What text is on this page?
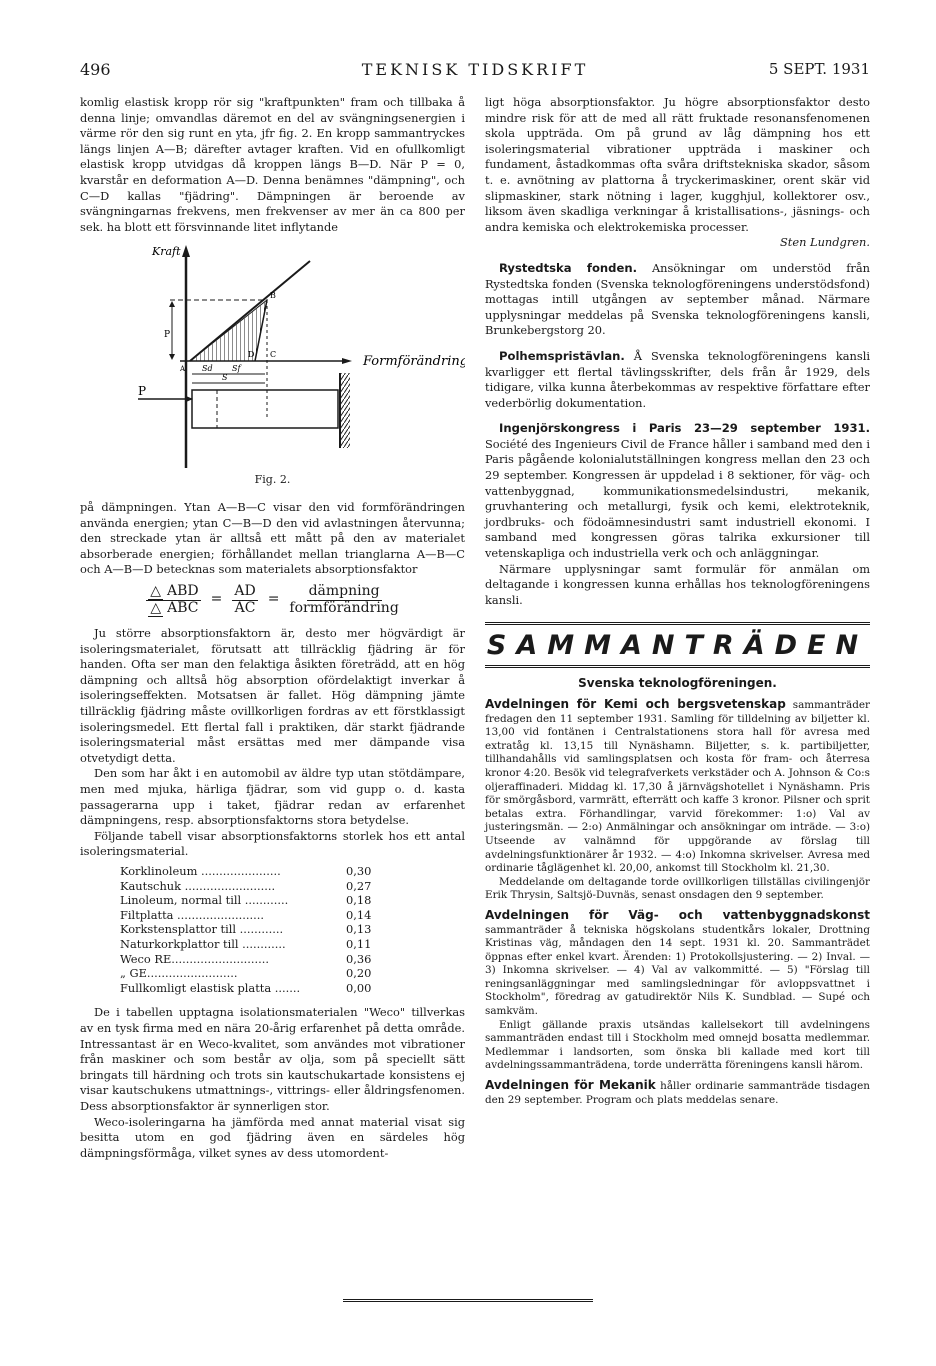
496	TEKNISK TIDSKRIFT	5 SEPT. 1931

komlig elastisk kropp rör sig "kraftpunkten" fram och tillbaka å denna linje; omvandlas däremot en del av svängningsenergien i värme rör den sig runt en yta, jfr fig. 2. En kropp sammantryckes längs linjen A—B; därefter avtager kraften. Vid en ofullkomligt elastisk kropp utvidgas då kroppen längs B—D. När P = 0, kvarstår en deformation A—D. Denna benämnes "dämpning", och C—D kallas "fjädring". Dämpningen är beroende av svängningarnas frekvens, men frekvenser av mer än ca 800 per sek. ha blott ett försvinnande litet inflytande

Kraft
Formförändring
P
P
A
B
C
D
Sd Sf
S
Fig. 2.

på dämpningen. Ytan A—B—C visar den vid formförändringen använda energien; ytan C—B—D den vid avlastningen återvunna; den streckade ytan är alltså ett mått på den av materialet absorberade energien; förhållandet mellan trianglarna A—B—C och A—B—D betecknas som materialets absorptionsfaktor

$\frac{\text{△ ABD}}{\text{△ ABC}} = \frac{AD}{AC} = \frac{\text{dämpning}}{\text{formförändring}}$

Ju större absorptionsfaktorn är, desto mer högvärdigt är isoleringsmaterialet, förutsatt att tillräcklig fjädring är för handen. Ofta ser man den felaktiga åsikten företrädd, att en hög dämpning och alltså hög absorption ofördelaktigt inverkar å isoleringseffekten. Motsatsen är fallet. Hög dämpning jämte tillräcklig fjädring måste ovillkorligen fordras av ett förstklassigt isoleringsmedel. Ett flertal fall i praktiken, där starkt fjädrande isoleringsmaterial måst ersättas med mer dämpande visa otvetydigt detta.

Den som har åkt i en automobil av äldre typ utan stötdämpare, men med mjuka, härliga fjädrar, som vid gupp o. d. kasta passagerarna upp i taket, fjädrar redan av erfarenhet dämpningens, resp. absorptionsfaktorns stora betydelse.

Följande tabell visar absorptionsfaktorns storlek hos ett antal isoleringsmaterial.

Korklinoleum ......................	0,30
Kautschuk .........................	0,27
Linoleum, normal till ............	0,18
Filtplatta ........................	0,14
Korkstensplattor till ............	0,13
Naturkorkplattor till ............	0,11
Weco RE...........................	0,36
„ GE.........................	0,20
Fullkomligt elastisk platta .......	0,00

De i tabellen upptagna isolationsmaterialen "Weco" tillverkas av en tysk firma med en nära 20-årig erfarenhet på detta område. Intressantast är en Weco-kvalitet, som användes mot vibrationer från maskiner och som består av olja, som på speciellt sätt bringats till härdning och trots sin kautschukartade konsistens ej visar kautschukens utmattnings-, vittrings- eller åldringsfenomen. Dess absorptionsfaktor är synnerligen stor.

Weco-isoleringarna ha jämförda med annat material visat sig besitta utom en god fjädring även en särdeles hög dämpningsförmåga, vilket synes av dess utomordent-

ligt höga absorptionsfaktor. Ju högre absorptionsfaktor desto mindre risk för att de med all rätt fruktade resonansfenomenen skola uppträda. Om på grund av låg dämpning hos ett isoleringsmaterial vibrationer uppträda i maskiner och fundament, åstadkommas ofta svåra driftstekniska skador, såsom t. e. avnötning av plattorna å tryckerimaskiner, orent skär vid slipmaskiner, stark nötning i lager, kugghjul, kollektorer osv., liksom även skadliga verkningar å kristallisations-, jäsnings- och andra kemiska och elektrokemiska processer.

Sten Lundgren.

Rystedtska fonden. Ansökningar om understöd från Rystedtska fonden (Svenska teknologföreningens understödsfond) mottagas intill utgången av september månad. Närmare upplysningar meddelas på Svenska teknologföreningens kansli, Brunkebergstorg 20.

Polhemspristävlan. Å Svenska teknologföreningens kansli kvarligger ett flertal tävlingsskrifter, dels från år 1929, dels tidigare, vilka kunna återbekommas av respektive författare efter vederbörlig dokumentation.

Ingenjörskongress i Paris 23—29 september 1931. Société des Ingenieurs Civil de France håller i samband med den i Paris pågående kolonialutställningen kongress mellan den 23 och 29 september. Kongressen är uppdelad i 8 sektioner, för väg- och vattenbyggnad, kommunikationsmedelsindustri, mekanik, gruvhantering och metallurgi, fysik och kemi, elektroteknik, jordbruks- och födoämnesindustri samt industriell ekonomi. I samband med kongressen göras talrika exkursioner till vetenskapliga och industriella verk och och anläggningar.

Närmare upplysningar samt formulär för anmälan om deltagande i kongressen kunna erhållas hos teknologföreningens kansli.

SAMMANTRÄDEN
Svenska teknologföreningen.

Avdelningen för Kemi och bergsvetenskap sammanträder fredagen den 11 september 1931. Samling för tilldelning av biljetter kl. 13,00 vid fontänen i Centralstationens stora hall för avresa med extratåg kl. 13,15 till Nynäshamn. Biljetter, s. k. partibiljetter, tillhandahålls vid samlingsplatsen och kosta för fram- och återresa kronor 4:20. Besök vid telegrafverkets verkstäder och A. Johnson & Co:s oljeraffinaderi. Middag kl. 17,30 å järnvägshotellet i Nynäshamn. Pris för smörgåsbord, varmrätt, efterrätt och kaffe 3 kronor. Pilsner och sprit betalas extra. Förhandlingar, varvid förekommer: 1:o) Val av justeringsmän. — 2:o) Anmälningar och ansökningar om inträde. — 3:o) Utseende av valnämnd för uppgörande av förslag till avdelningsfunktionärer år 1932. — 4:o) Inkomna skrivelser. Avresa med ordinarie tåglägenhet kl. 20,00, ankomst till Stockholm kl. 21,30.

Meddelande om deltagande torde ovillkorligen tillställas civilingenjör Erik Thrysin, Saltsjö-Duvnäs, senast onsdagen den 9 september.

Avdelningen för Väg- och vattenbyggnadskonst sammanträder å tekniska högskolans studentkårs lokaler, Drottning Kristinas väg, måndagen den 14 sept. 1931 kl. 20. Sammanträdet öppnas efter enkel kvart. Ärenden: 1) Protokollsjustering. — 2) Inval. — 3) Inkomna skrivelser. — 4) Val av valkommitté. — 5) "Förslag till reningsanläggningar med samlingsledningar för avloppsvattnet i Stockholm", föredrag av gatudirektör Nils K. Sundblad. — Supé och samkväm.

Enligt gällande praxis utsändas kallelsekort till avdelningens sammanträden endast till i Stockholm med omnejd bosatta medlemmar. Medlemmar i landsorten, som önska bli kallade med kort till avdelningssammanträdena, torde underrätta föreningens kansli härom.

Avdelningen för Mekanik håller ordinarie sammanträde tisdagen den 29 september. Program och plats meddelas senare.
